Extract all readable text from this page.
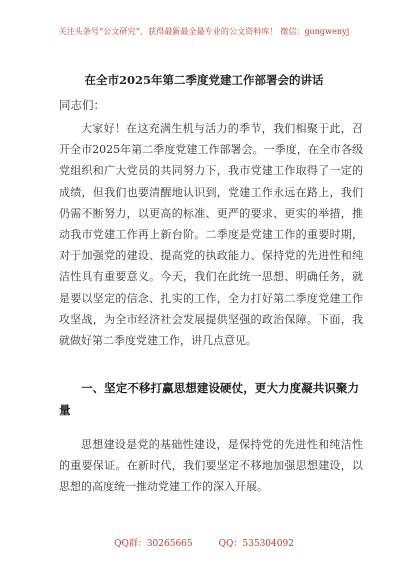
关注头条号“公文研究”，获得最新最全最专业的公文资料库！ 微信：gongwenyj
在全市2025年第二季度党建工作部署会的讲话
同志们：

大家好！在这充满生机与活力的季节，我们相聚于此，召开全市2025年第二季度党建工作部署会。一季度，在全市各级党组织和广大党员的共同努力下，我市党建工作取得了一定的成绩，但我们也要清醒地认识到，党建工作永远在路上，我们仍需不断努力，以更高的标准、更严的要求、更实的举措，推动我市党建工作再上新台阶。二季度是党建工作的重要时期，对于加强党的建设、提高党的执政能力、保持党的先进性和纯洁性具有重要意义。今天，我们在此统一思想、明确任务，就是要以坚定的信念、扎实的工作，全力打好第二季度党建工作攻坚战，为全市经济社会发展提供坚强的政治保障。下面，我就做好第二季度党建工作，讲几点意见。

一、坚定不移打赢思想建设硬仗，更大力度凝共识聚力量

思想建设是党的基础性建设，是保持党的先进性和纯洁性的重要保证。在新时代，我们要坚定不移地加强思想建设，以思想的高度统一推动党建工作的深入开展。

QQ群：30265665	QQ：535304092
